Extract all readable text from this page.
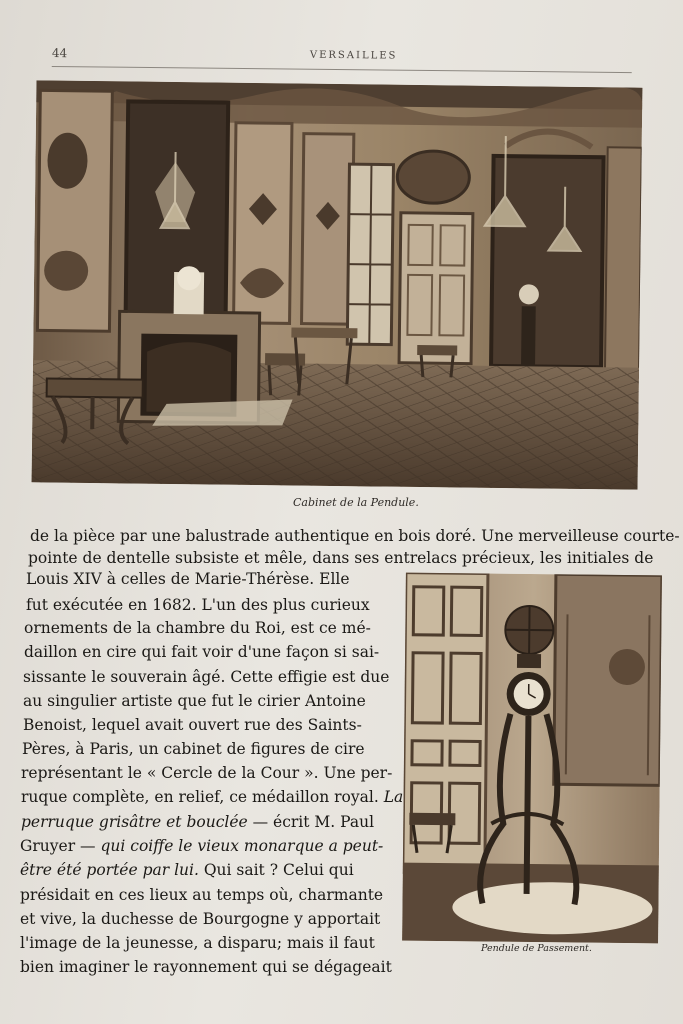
44	VERSAILLES
Cabinet de la Pendule.
Pendule de Passement.
de la pièce par une balustrade authentique en bois doré. Une merveilleuse courte-
pointe de dentelle subsiste et mêle, dans ses entrelacs précieux, les initiales de
Louis XIV à celles de Marie-Thérèse. Elle
fut exécutée en 1682. L'un des plus curieux
ornements de la chambre du Roi, est ce mé-
daillon en cire qui fait voir d'une façon si sai-
sissante le souverain âgé. Cette effigie est due
au singulier artiste que fut le cirier Antoine
Benoist, lequel avait ouvert rue des Saints-
Pères, à Paris, un cabinet de figures de cire
représentant le « Cercle de la Cour ». Une per-
ruque complète, en relief, ce médaillon royal. La
perruque grisâtre et bouclée — écrit M. Paul
Gruyer — qui coiffe le vieux monarque a peut-
être été portée par lui. Qui sait ? Celui qui
présidait en ces lieux au temps où, charmante
et vive, la duchesse de Bourgogne y apportait
l'image de la jeunesse, a disparu; mais il faut
bien imaginer le rayonnement qui se dégageait
